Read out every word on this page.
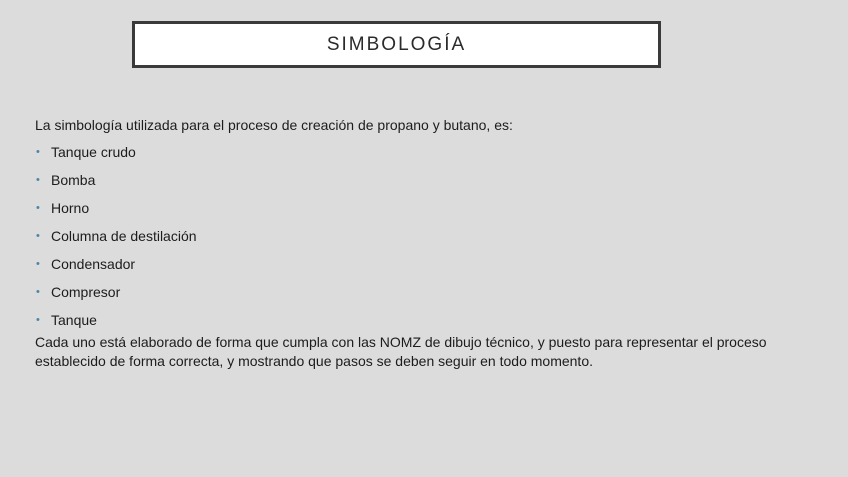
SIMBOLOGÍA

La simbología utilizada para el proceso de creación de propano y butano, es:

• Tanque crudo
• Bomba
• Horno
• Columna de destilación
• Condensador
• Compresor
• Tanque

Cada uno está elaborado de forma que cumpla con las NOMZ de dibujo técnico, y puesto para representar el proceso establecido de forma correcta, y mostrando que pasos se deben seguir en todo momento.
